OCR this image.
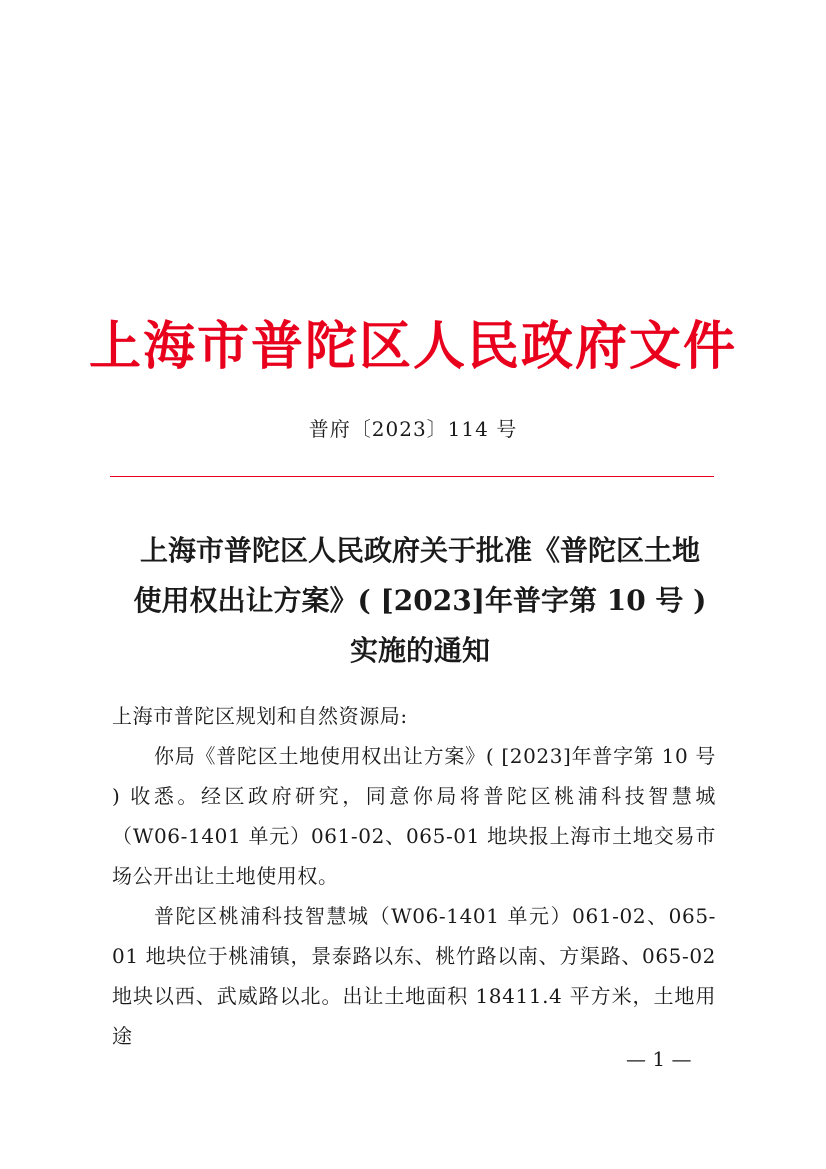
上海市普陀区人民政府文件
普府〔2023〕114 号
上海市普陀区人民政府关于批准《普陀区土地
使用权出让方案》( [2023]年普字第 10 号 )
实施的通知

上海市普陀区规划和自然资源局:

你局《普陀区土地使用权出让方案》( [2023]年普字第 10 号 ) 收悉。经区政府研究，同意你局将普陀区桃浦科技智慧城（W06-1401 单元）061-02、065-01 地块报上海市土地交易市场公开出让土地使用权。

普陀区桃浦科技智慧城（W06-1401 单元）061-02、065-01 地块位于桃浦镇，景泰路以东、桃竹路以南、方渠路、065-02 地块以西、武威路以北。出让土地面积 18411.4 平方米，土地用途

— 1 —
